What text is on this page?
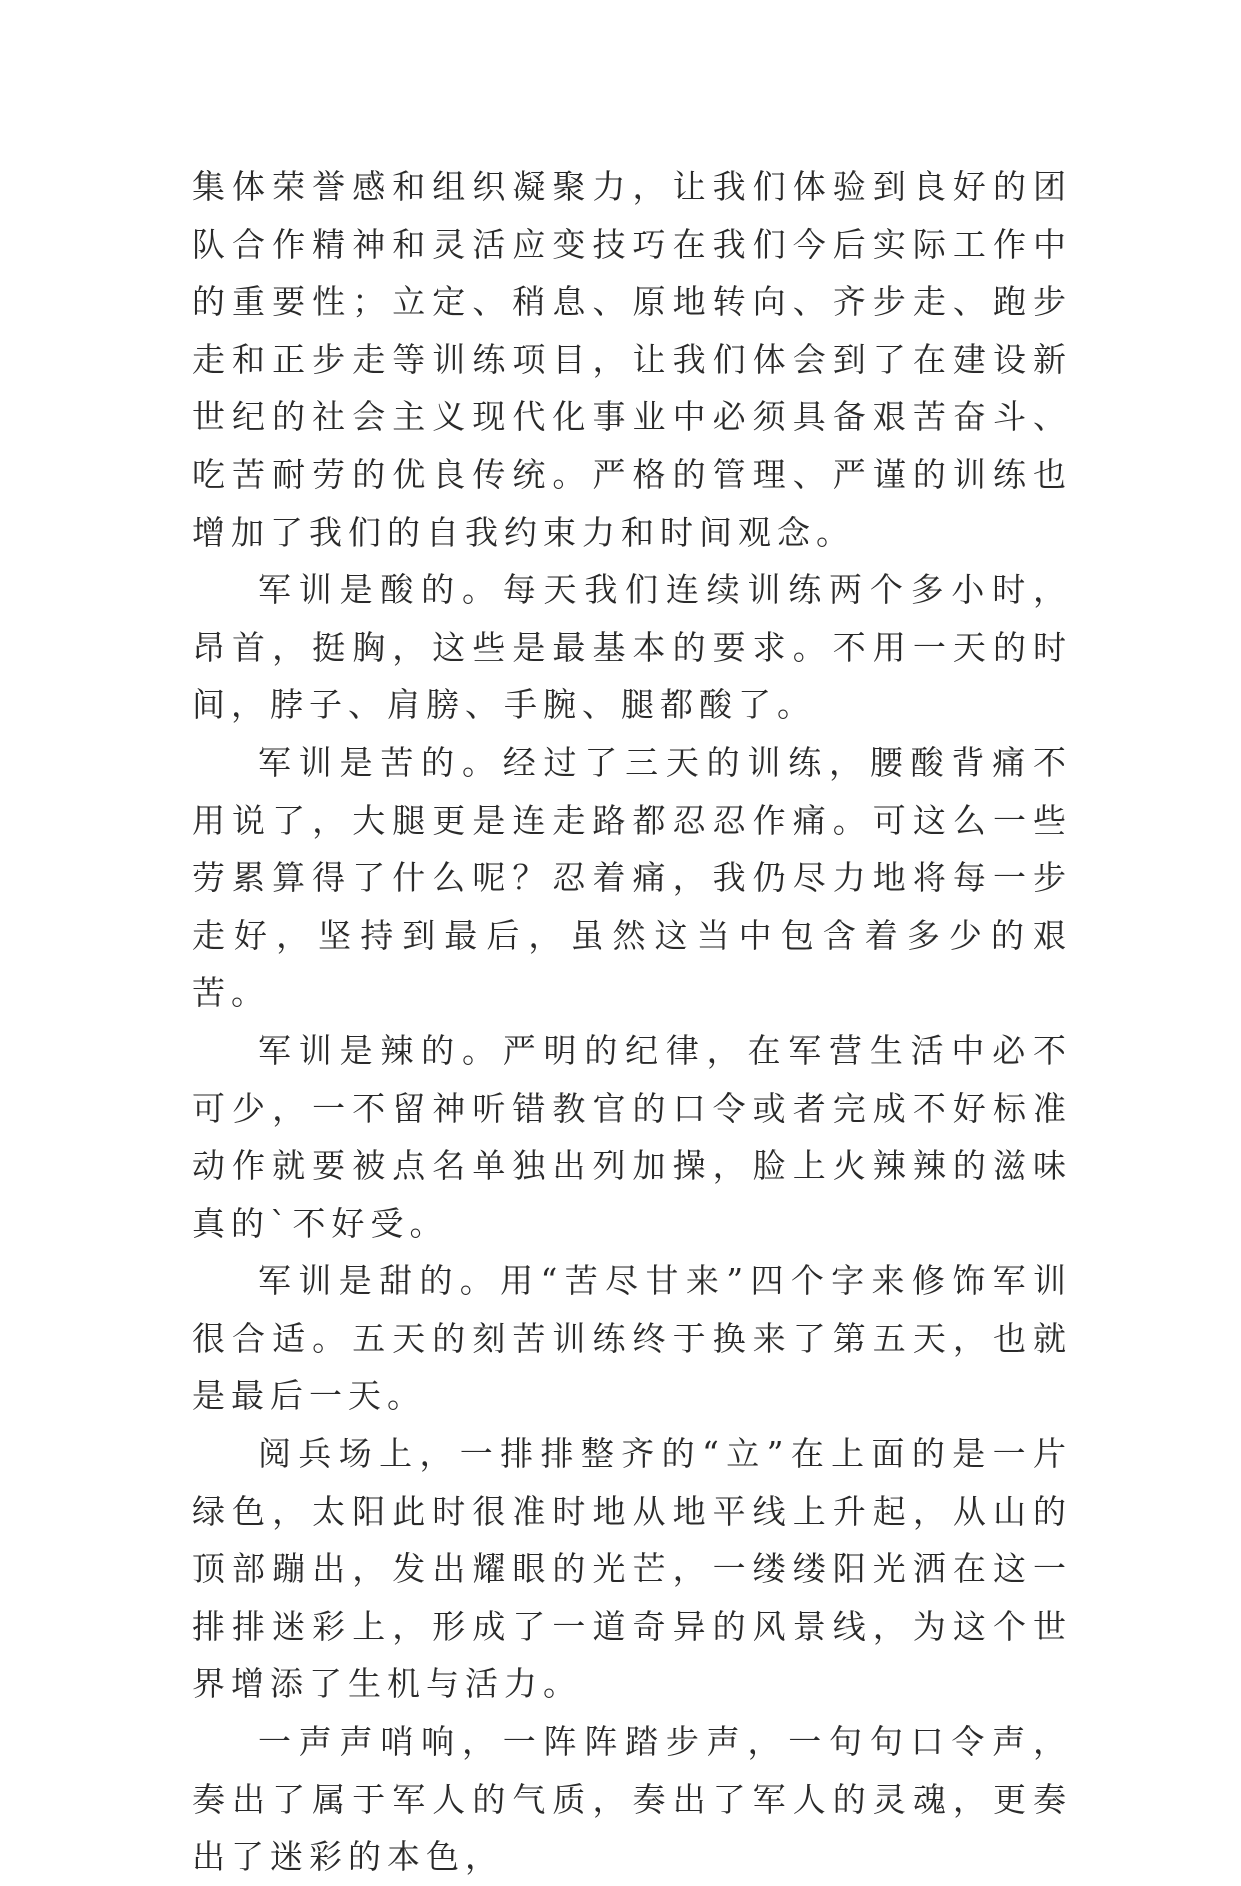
集体荣誉感和组织凝聚力，让我们体验到良好的团队合作精神和灵活应变技巧在我们今后实际工作中的重要性；立定、稍息、原地转向、齐步走、跑步走和正步走等训练项目，让我们体会到了在建设新世纪的社会主义现代化事业中必须具备艰苦奋斗、吃苦耐劳的优良传统。严格的管理、严谨的训练也增加了我们的自我约束力和时间观念。

军训是酸的。每天我们连续训练两个多小时，昂首，挺胸，这些是最基本的要求。不用一天的时间，脖子、肩膀、手腕、腿都酸了。

军训是苦的。经过了三天的训练，腰酸背痛不用说了，大腿更是连走路都忍忍作痛。可这么一些劳累算得了什么呢？忍着痛，我仍尽力地将每一步走好，坚持到最后，虽然这当中包含着多少的艰苦。

军训是辣的。严明的纪律，在军营生活中必不可少，一不留神听错教官的口令或者完成不好标准动作就要被点名单独出列加操，脸上火辣辣的滋味真的`不好受。

军训是甜的。用“苦尽甘来”四个字来修饰军训很合适。五天的刻苦训练终于换来了第五天，也就是最后一天。

阅兵场上，一排排整齐的“立”在上面的是一片绿色，太阳此时很准时地从地平线上升起，从山的顶部蹦出，发出耀眼的光芒，一缕缕阳光洒在这一排排迷彩上，形成了一道奇异的风景线，为这个世界增添了生机与活力。

一声声哨响，一阵阵踏步声，一句句口令声，奏出了属于军人的气质，奏出了军人的灵魂，更奏出了迷彩的本色，
